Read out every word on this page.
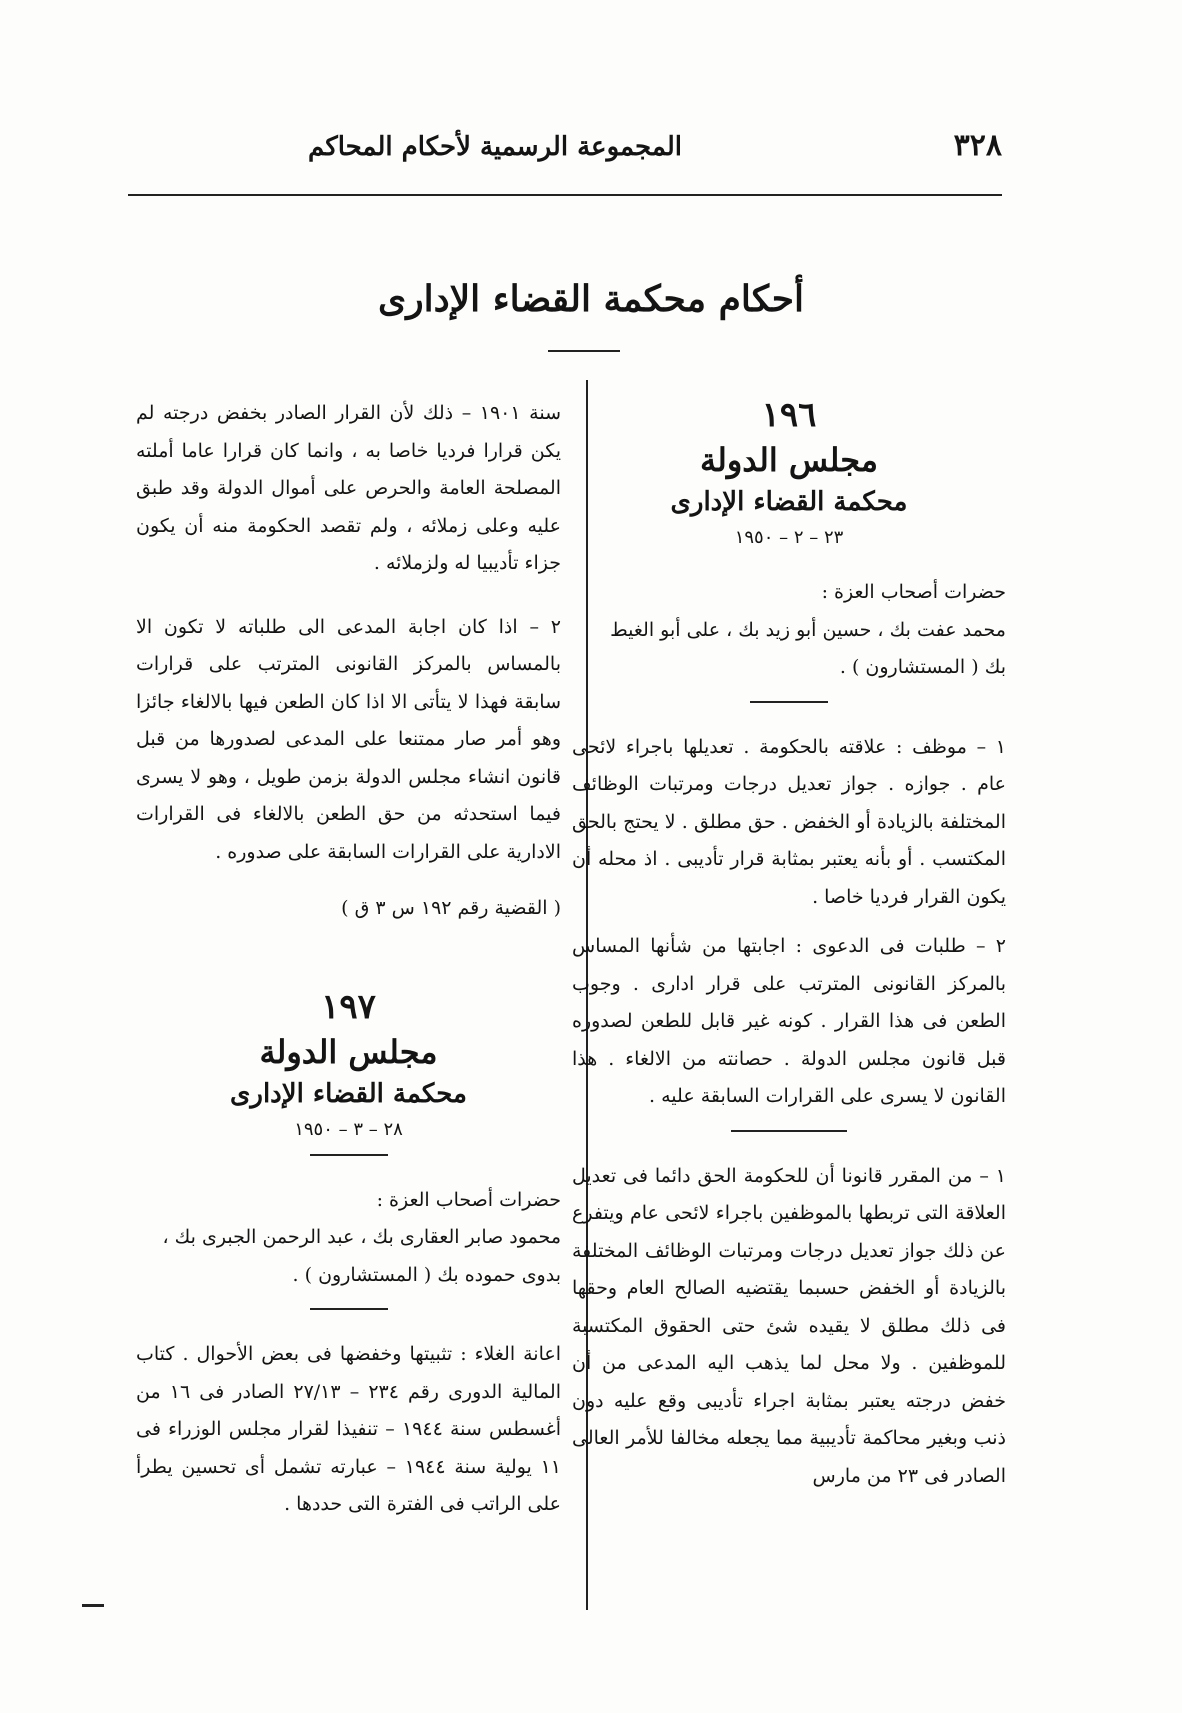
٣٢٨
المجموعة الرسمية لأحكام المحاكم
أحكام محكمة القضاء الإدارى
١٩٦
مجلس الدولة
محكمة القضاء الإدارى
٢٣ – ٢ – ١٩٥٠

حضرات أصحاب العزة :

محمد عفت بك ، حسين أبو زيد بك ، على أبو الغيط

بك ( المستشارون ) .

١ – موظف : علاقته بالحكومة . تعديلها باجراء لائحى عام . جوازه . جواز تعديل درجات ومرتبات الوظائف المختلفة بالزيادة أو الخفض . حق مطلق . لا يحتج بالحق المكتسب . أو بأنه يعتبر بمثابة قرار تأديبى . اذ محله أن يكون القرار فرديا خاصا .

٢ – طلبات فى الدعوى : اجابتها من شأنها المساس بالمركز القانونى المترتب على قرار ادارى . وجوب الطعن فى هذا القرار . كونه غير قابل للطعن لصدوره قبل قانون مجلس الدولة . حصانته من الالغاء . هذا القانون لا يسرى على القرارات السابقة عليه .

١ – من المقرر قانونا أن للحكومة الحق دائما فى تعديل العلاقة التى تربطها بالموظفين باجراء لائحى عام ويتفرع عن ذلك جواز تعديل درجات ومرتبات الوظائف المختلفة بالزيادة أو الخفض حسبما يقتضيه الصالح العام وحقها فى ذلك مطلق لا يقيده شئ حتى الحقوق المكتسبة للموظفين . ولا محل لما يذهب اليه المدعى من أن خفض درجته يعتبر بمثابة اجراء تأديبى وقع عليه دون ذنب وبغير محاكمة تأديبية مما يجعله مخالفا للأمر العالى الصادر فى ٢٣ من مارس

سنة ١٩٠١ – ذلك لأن القرار الصادر بخفض درجته لم يكن قرارا فرديا خاصا به ، وانما كان قرارا عاما أملته المصلحة العامة والحرص على أموال الدولة وقد طبق عليه وعلى زملائه ، ولم تقصد الحكومة منه أن يكون جزاء تأديبيا له ولزملائه .

٢ – اذا كان اجابة المدعى الى طلباته لا تكون الا بالمساس بالمركز القانونى المترتب على قرارات سابقة فهذا لا يتأتى الا اذا كان الطعن فيها بالالغاء جائزا وهو أمر صار ممتنعا على المدعى لصدورها من قبل قانون انشاء مجلس الدولة بزمن طويل ، وهو لا يسرى فيما استحدثه من حق الطعن بالالغاء فى القرارات الادارية على القرارات السابقة على صدوره .

( القضية رقم ١٩٢ س ٣ ق )

١٩٧
مجلس الدولة
محكمة القضاء الإدارى
٢٨ – ٣ – ١٩٥٠

حضرات أصحاب العزة :

محمود صابر العقارى بك ، عبد الرحمن الجبرى بك ،

بدوى حموده بك ( المستشارون ) .

اعانة الغلاء : تثبيتها وخفضها فى بعض الأحوال . كتاب المالية الدورى رقم ٢٣٤ – ٢٧/١٣ الصادر فى ١٦ من أغسطس سنة ١٩٤٤ – تنفيذا لقرار مجلس الوزراء فى ١١ يولية سنة ١٩٤٤ – عبارته تشمل أى تحسين يطرأ على الراتب فى الفترة التى حددها .
